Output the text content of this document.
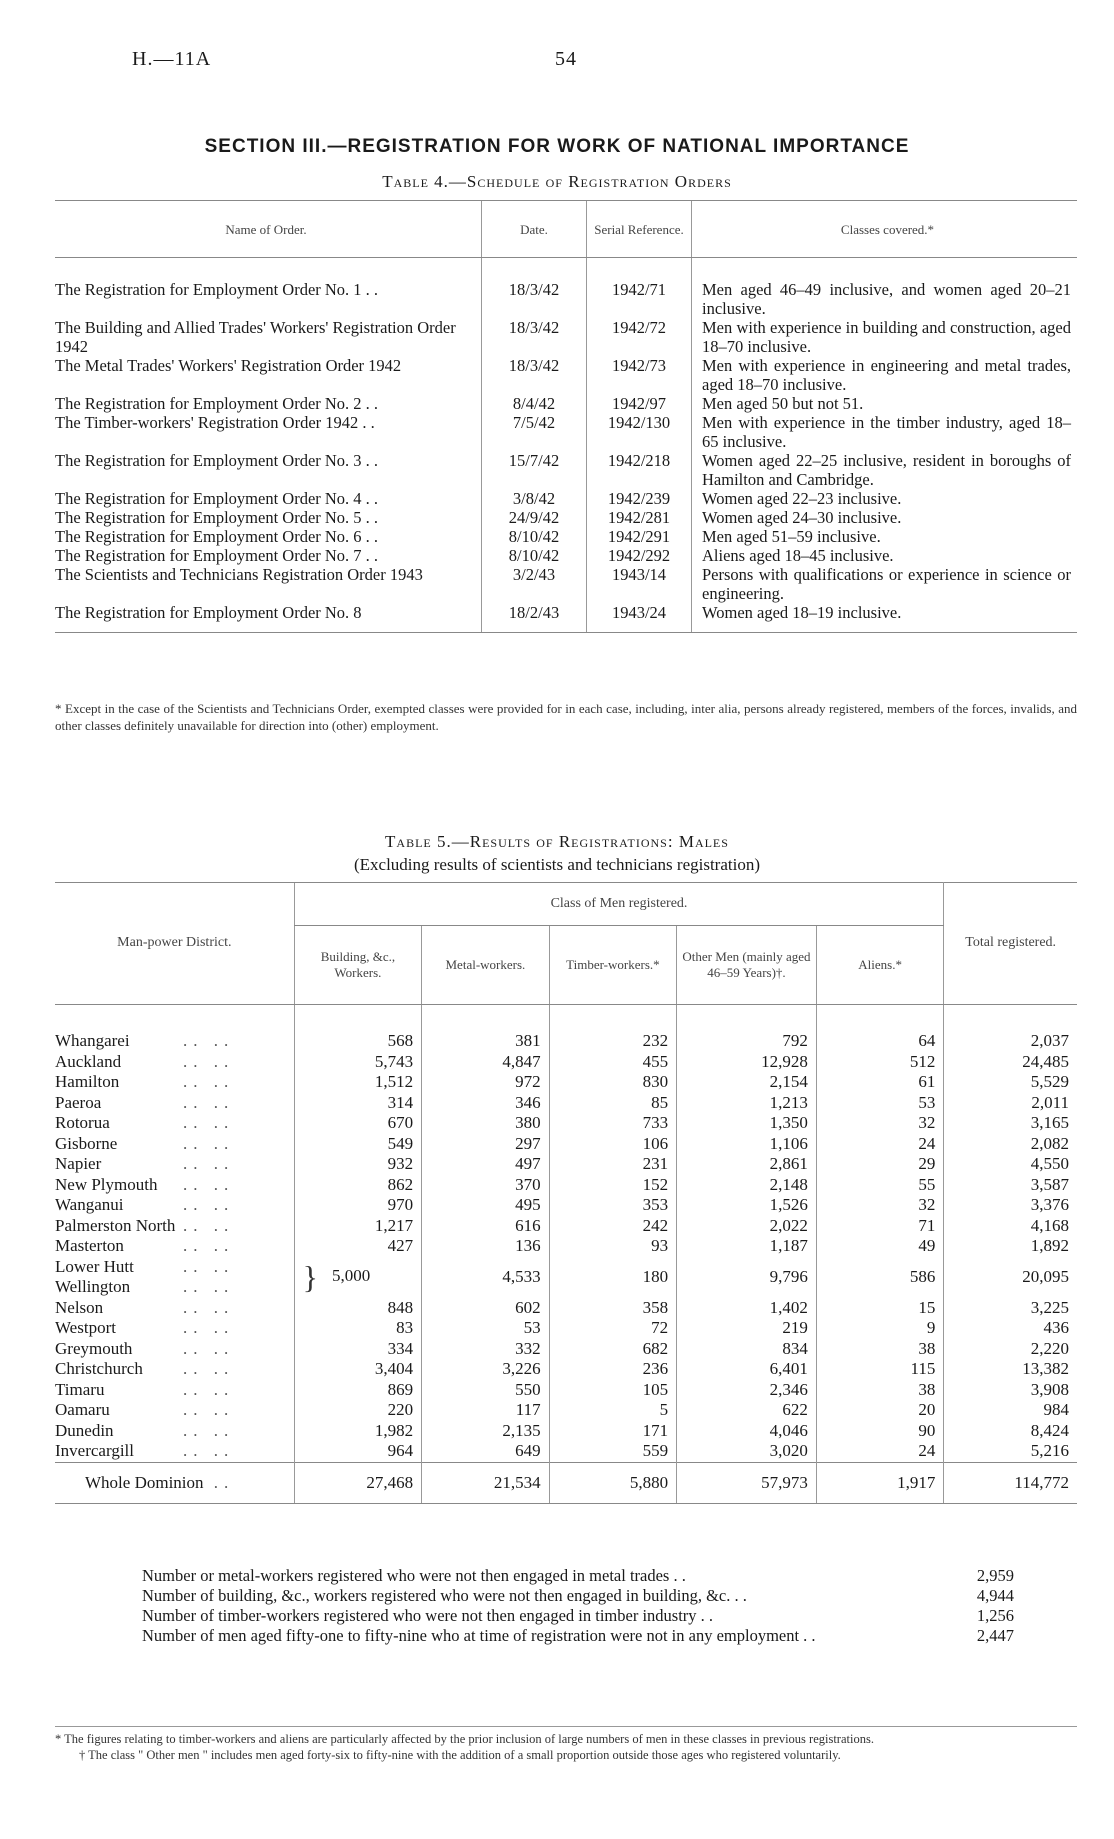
H.—11A	54
SECTION III.—REGISTRATION FOR WORK OF NATIONAL IMPORTANCE
Table 4.—Schedule of Registration Orders
Name of Order.	Date.	Serial Reference.	Classes covered.*

The Registration for Employment Order No. 1 . .	18/3/42	1942/71	Men aged 46–49 inclusive, and women aged 20–21 inclusive.
The Building and Allied Trades' Workers' Registration Order 1942	18/3/42	1942/72	Men with experience in building and construction, aged 18–70 inclusive.
The Metal Trades' Workers' Registration Order 1942	18/3/42	1942/73	Men with experience in engineering and metal trades, aged 18–70 inclusive.
The Registration for Employment Order No. 2 . .	8/4/42	1942/97	Men aged 50 but not 51.
The Timber-workers' Registration Order 1942 . .	7/5/42	1942/130	Men with experience in the timber industry, aged 18–65 inclusive.
The Registration for Employment Order No. 3 . .	15/7/42	1942/218	Women aged 22–25 inclusive, resident in boroughs of Hamilton and Cambridge.
The Registration for Employment Order No. 4 . .	3/8/42	1942/239	Women aged 22–23 inclusive.
The Registration for Employment Order No. 5 . .	24/9/42	1942/281	Women aged 24–30 inclusive.
The Registration for Employment Order No. 6 . .	8/10/42	1942/291	Men aged 51–59 inclusive.
The Registration for Employment Order No. 7 . .	8/10/42	1942/292	Aliens aged 18–45 inclusive.
The Scientists and Technicians Registration Order 1943	3/2/43	1943/14	Persons with qualifications or experience in science or engineering.
The Registration for Employment Order No. 8	18/2/43	1943/24	Women aged 18–19 inclusive.
* Except in the case of the Scientists and Technicians Order, exempted classes were provided for in each case, including, inter alia, persons already registered, members of the forces, invalids, and other classes definitely unavailable for direction into (other) employment.
Table 5.—Results of Registrations: Males
(Excluding results of scientists and technicians registration)
Man-power District.	Class of Men registered.					Total registered.
	Building, &c., Workers.	Metal-workers.	Timber-workers.*	Other Men (mainly aged 46–59 Years)†.	Aliens.*	
Whangarei .. ..	568	381	232	792	64	2,037
Auckland .. ..	5,743	4,847	455	12,928	512	24,485
Hamilton .. ..	1,512	972	830	2,154	61	5,529
Paeroa .. ..	314	346	85	1,213	53	2,011
Rotorua .. ..	670	380	733	1,350	32	3,165
Gisborne .. ..	549	297	106	1,106	24	2,082
Napier .. ..	932	497	231	2,861	29	4,550
New Plymouth .. ..	862	370	152	2,148	55	3,587
Wanganui .. ..	970	495	353	1,526	32	3,376
Palmerston North .. ..	1,217	616	242	2,022	71	4,168
Masterton .. ..	427	136	93	1,187	49	1,892

Lower Hutt .. ..
Wellington .. ..	} 5,000	4,533	180	9,796	586	20,095
Nelson .. ..	848	602	358	1,402	15	3,225
Westport .. ..	83	53	72	219	9	436
Greymouth .. ..	334	332	682	834	38	2,220
Christchurch .. ..	3,404	3,226	236	6,401	115	13,382
Timaru .. ..	869	550	105	2,346	38	3,908
Oamaru .. ..	220	117	5	622	20	984
Dunedin .. ..	1,982	2,135	171	4,046	90	8,424
Invercargill .. ..	964	649	559	3,020	24	5,216
Whole Dominion ..	27,468	21,534	5,880	57,973	1,917	114,772
Number or metal-workers registered who were not then engaged in metal trades . .	2,959
Number of building, &c., workers registered who were not then engaged in building, &c. . .	4,944
Number of timber-workers registered who were not then engaged in timber industry . .	1,256
Number of men aged fifty-one to fifty-nine who at time of registration were not in any employment . .	2,447
* The figures relating to timber-workers and aliens are particularly affected by the prior inclusion of large numbers of men in these classes in previous registrations.
† The class " Other men " includes men aged forty-six to fifty-nine with the addition of a small proportion outside those ages who registered voluntarily.
